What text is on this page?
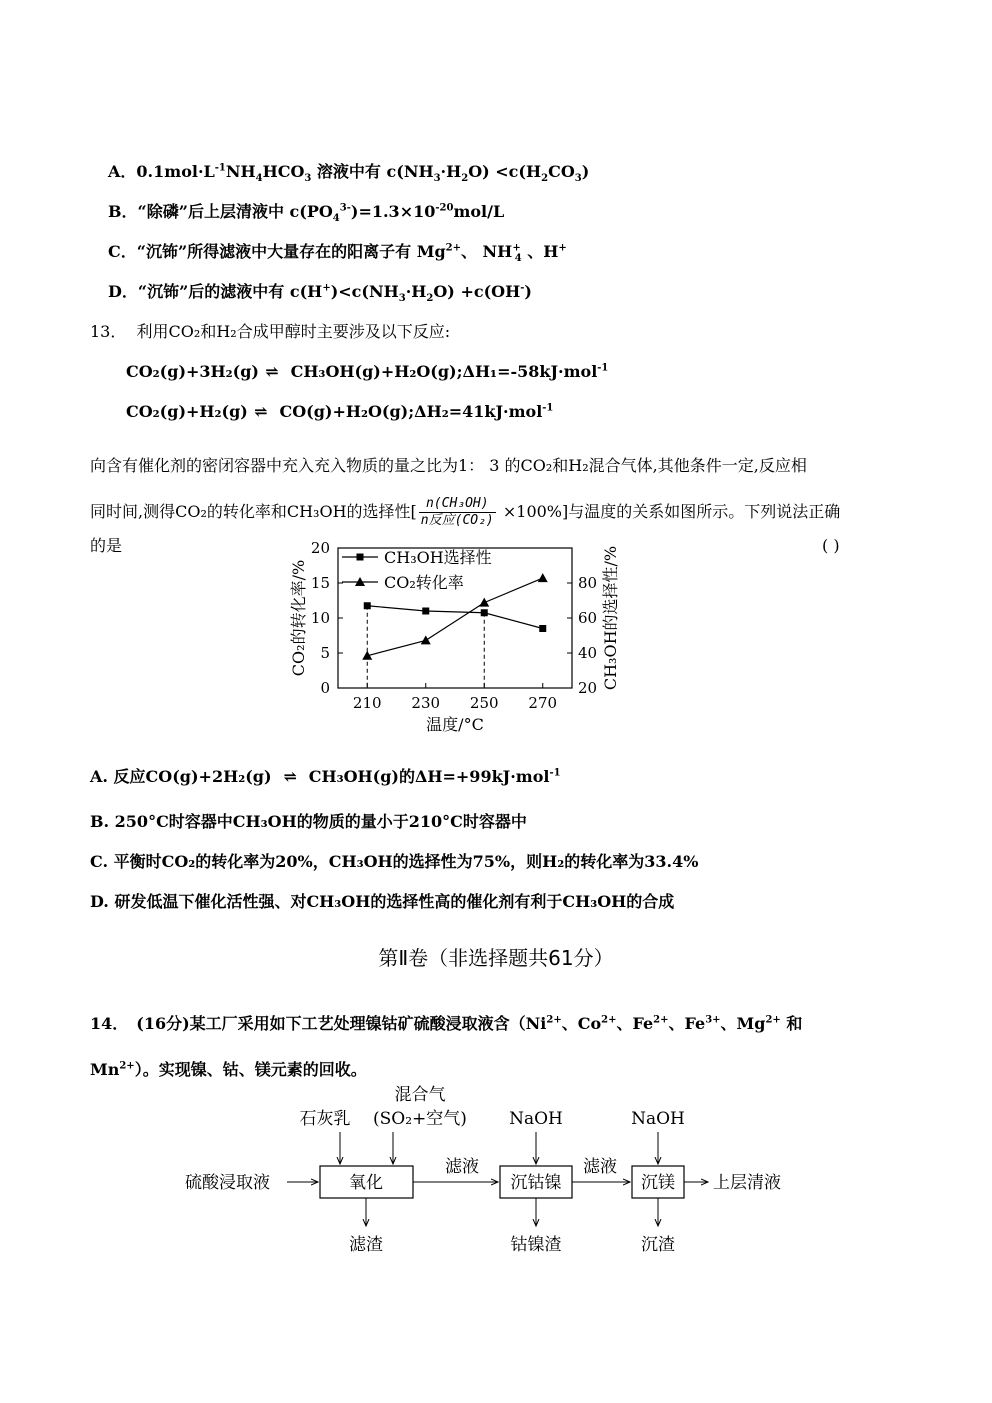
A．$0.1mol\cdot L^{-1}NH_4HCO_3$ 溶液中有 $c(NH_3\cdot H_2O) <c(H_2CO_3)$
B．“除磷”后上层清液中 $c(PO_4^{3-})=1.3\times 10^{-20}mol/L$
C．“沉钸”所得滤液中大量存在的阳离子有 $Mg^{2+}$、 $NH^+_4$ 、H+
D．“沉钸”后的滤液中有 $c(H^+)<c(NH_3\cdot H_2O) +c(OH^-)$
13． 利用CO₂和H₂合成甲醇时主要涉及以下反应:
CO₂(g)+3H₂(g) ⇌ CH₃OH(g)+H₂O(g);ΔH₁=-58kJ·mol$^{-1}$
CO₂(g)+H₂(g) ⇌ CO(g)+H₂O(g);ΔH₂=41kJ·mol$^{-1}$
向含有催化剂的密闭容器中充入充入物质的量之比为1： 3 的CO₂和H₂混合气体,其他条件一定,反应相
同时间,测得CO₂的转化率和CH₃OH的选择性[ $\frac{\text{n(CH₃OH)}}{\text{n反应(CO₂)}} \times 100\%$]与温度的关系如图所示。下列说法正确
的是	( )
0
5
10
15
20
20
40
60
80
210 230 250 270
温度/°C
CO₂的转化率/%	CH₃OH的选择性/%
CH₃OH选择性
CO₂转化率
A. 反应CO(g)+2H₂(g) ⇌ CH₃OH(g)的ΔH=+99kJ·mol$^{-1}$
B. 250°C时容器中CH₃OH的物质的量小于210°C时容器中
C. 平衡时CO₂的转化率为20%，CH₃OH的选择性为75%，则H₂的转化率为33.4%
D. 研发低温下催化活性强、对CH₃OH的选择性高的催化剂有利于CH₃OH的合成
第Ⅱ卷（非选择题共61分）
14．　(16分)某工厂采用如下工艺处理镍钴矿硫酸浸取液含（$Ni^{2+}$、$Co^{2+}$、$Fe^{2+}$、$Fe^{3+}$、$Mg^{2+}$ 和
$Mn^{2+}$）。实现镍、钴、镁元素的回收。
硫酸浸取液	氧化
石灰乳
混合气
(SO₂+空气)
滤液
滤渣
沉钴镍
NaOH
钴镍渣
滤液
沉镁
NaOH
沉渣
上层清液
